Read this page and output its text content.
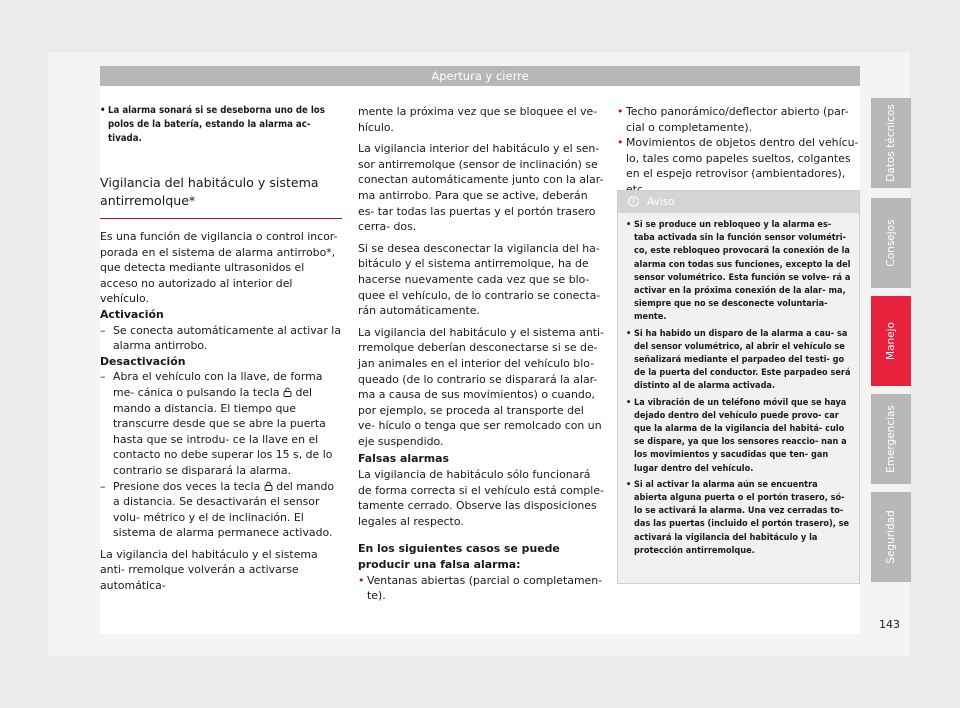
Apertura y cierre

• La alarma sonará si se deseborna uno de los polos de la batería, estando la alarma ac- tivada.

Vigilancia del habitáculo y sistema
antirremolque*

Es una función de vigilancia o control incor- porada en el sistema de alarma antirrobo*, que detecta mediante ultrasonidos el acceso no autorizado al interior del vehículo.

Activación

– Se conecta automáticamente al activar la alarma antirrobo.

Desactivación

– Abra el vehículo con la llave, de forma me- cánica o pulsando la tecla del mando a distancia. El tiempo que transcurre desde que se abre la puerta hasta que se introdu- ce la llave en el contacto no debe superar los 15 s, de lo contrario se disparará la alarma.

– Presione dos veces la tecla del mando a distancia. Se desactivarán el sensor volu- métrico y el de inclinación. El sistema de alarma permanece activado.

La vigilancia del habitáculo y el sistema anti- rremolque volverán a activarse automática-

mente la próxima vez que se bloquee el ve- hículo.

La vigilancia interior del habitáculo y el sen- sor antirremolque (sensor de inclinación) se conectan automáticamente junto con la alar- ma antirrobo. Para que se active, deberán es- tar todas las puertas y el portón trasero cerra- dos.

Si se desea desconectar la vigilancia del ha- bitáculo y el sistema antirremolque, ha de hacerse nuevamente cada vez que se blo- quee el vehículo, de lo contrario se conecta- rán automáticamente.

La vigilancia del habitáculo y el sistema anti- rremolque deberían desconectarse si se de- jan animales en el interior del vehículo blo- queado (de lo contrario se disparará la alar- ma a causa de sus movimientos) o cuando, por ejemplo, se proceda al transporte del ve- hículo o tenga que ser remolcado con un eje suspendido.

Falsas alarmas

La vigilancia de habitáculo sólo funcionará de forma correcta si el vehículo está comple- tamente cerrado. Observe las disposiciones legales al respecto.

En los siguientes casos se puede producir una falsa alarma:

• Ventanas abiertas (parcial o completamen- te).

• Techo panorámico/deflector abierto (par- cial o completamente).

• Movimientos de objetos dentro del vehícu- lo, tales como papeles sueltos, colgantes en el espejo retrovisor (ambientadores),

Aviso

• Si se produce un rebloqueo y la alarma es- taba activada sin la función sensor volumétri- co, este rebloqueo provocará la conexión de la alarma con todas sus funciones, excepto la del sensor volumétrico. Esta función se volve- rá a activar en la próxima conexión de la alar- ma, siempre que no se desconecte voluntaria- mente.

• Si ha habido un disparo de la alarma a cau- sa del sensor volumétrico, al abrir el vehículo se señalizará mediante el parpadeo del testi- go de la puerta del conductor. Este parpadeo será distinto al de alarma activada.

• La vibración de un teléfono móvil que se haya dejado dentro del vehículo puede provo- car que la alarma de la vigilancia del habitá- culo se dispare, ya que los sensores reaccio- nan a los movimientos y sacudidas que ten- gan lugar dentro del vehículo.

• Si al activar la alarma aún se encuentra abierta alguna puerta o el portón trasero, só- lo se activará la alarma. Una vez cerradas to- das las puertas (incluido el portón trasero), se activará la vigilancia del habitáculo y la protección antirremolque.

Datos técnicos
Consejos
Manejo
Emergencias
Seguridad
143
